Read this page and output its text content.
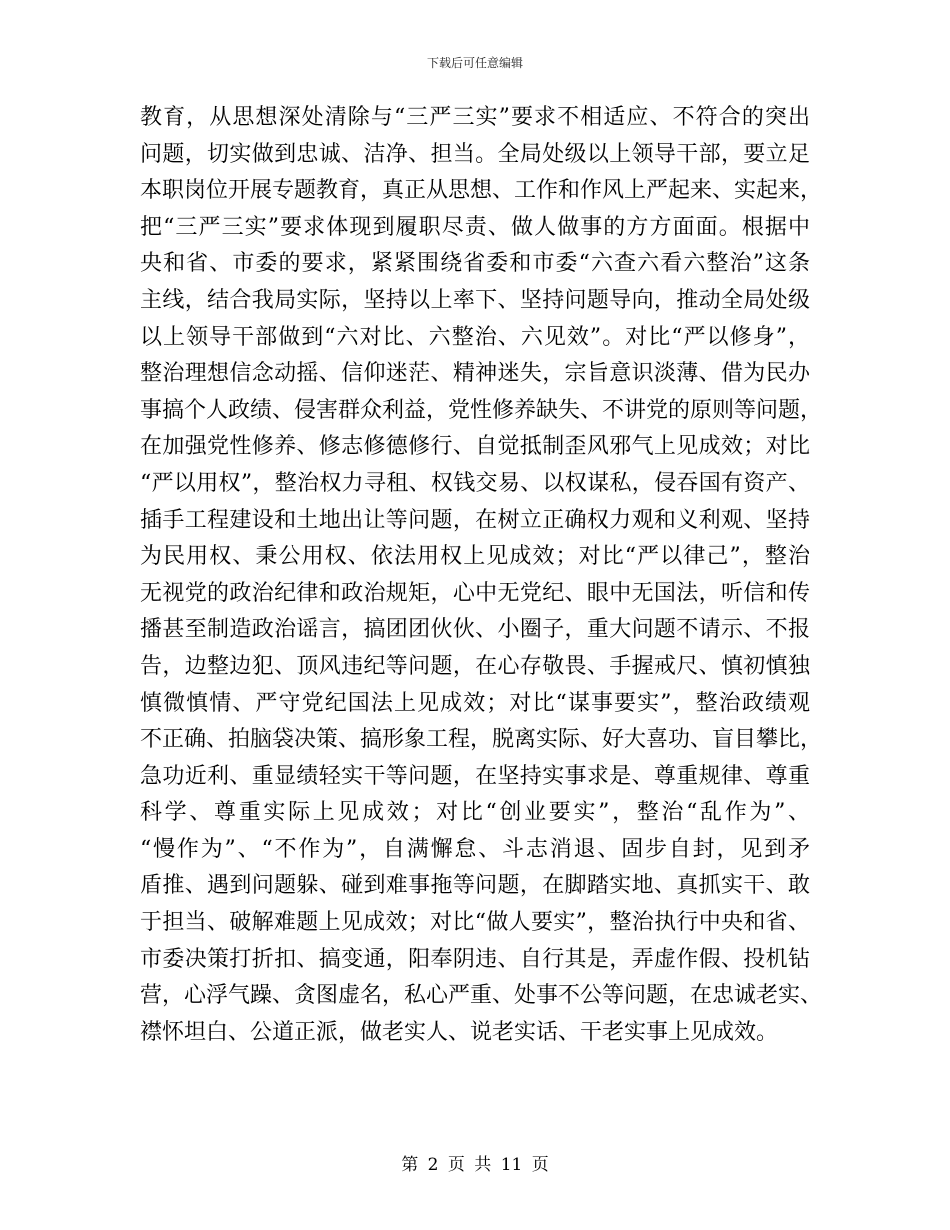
下载后可任意编辑
教育，从思想深处清除与“三严三实”要求不相适应、不符合的突出
问题，切实做到忠诚、洁净、担当。全局处级以上领导干部，要立足
本职岗位开展专题教育，真正从思想、工作和作风上严起来、实起来，
把“三严三实”要求体现到履职尽责、做人做事的方方面面。根据中
央和省、市委的要求，紧紧围绕省委和市委“六查六看六整治”这条
主线，结合我局实际，坚持以上率下、坚持问题导向，推动全局处级
以上领导干部做到“六对比、六整治、六见效”。对比“严以修身”，
整治理想信念动摇、信仰迷茫、精神迷失，宗旨意识淡薄、借为民办
事搞个人政绩、侵害群众利益，党性修养缺失、不讲党的原则等问题，
在加强党性修养、修志修德修行、自觉抵制歪风邪气上见成效；对比
“严以用权”，整治权力寻租、权钱交易、以权谋私，侵吞国有资产、
插手工程建设和土地出让等问题，在树立正确权力观和义利观、坚持
为民用权、秉公用权、依法用权上见成效；对比“严以律己”，整治
无视党的政治纪律和政治规矩，心中无党纪、眼中无国法，听信和传
播甚至制造政治谣言，搞团团伙伙、小圈子，重大问题不请示、不报
告，边整边犯、顶风违纪等问题，在心存敬畏、手握戒尺、慎初慎独
慎微慎情、严守党纪国法上见成效；对比“谋事要实”，整治政绩观
不正确、拍脑袋决策、搞形象工程，脱离实际、好大喜功、盲目攀比，
急功近利、重显绩轻实干等问题，在坚持实事求是、尊重规律、尊重
科学、尊重实际上见成效；对比“创业要实”，整治“乱作为”、
“慢作为”、“不作为”，自满懈怠、斗志消退、固步自封，见到矛
盾推、遇到问题躲、碰到难事拖等问题，在脚踏实地、真抓实干、敢
于担当、破解难题上见成效；对比“做人要实”，整治执行中央和省、
市委决策打折扣、搞变通，阳奉阴违、自行其是，弄虚作假、投机钻
营，心浮气躁、贪图虚名，私心严重、处事不公等问题，在忠诚老实、
襟怀坦白、公道正派，做老实人、说老实话、干老实事上见成效。
第 2 页 共 11 页
